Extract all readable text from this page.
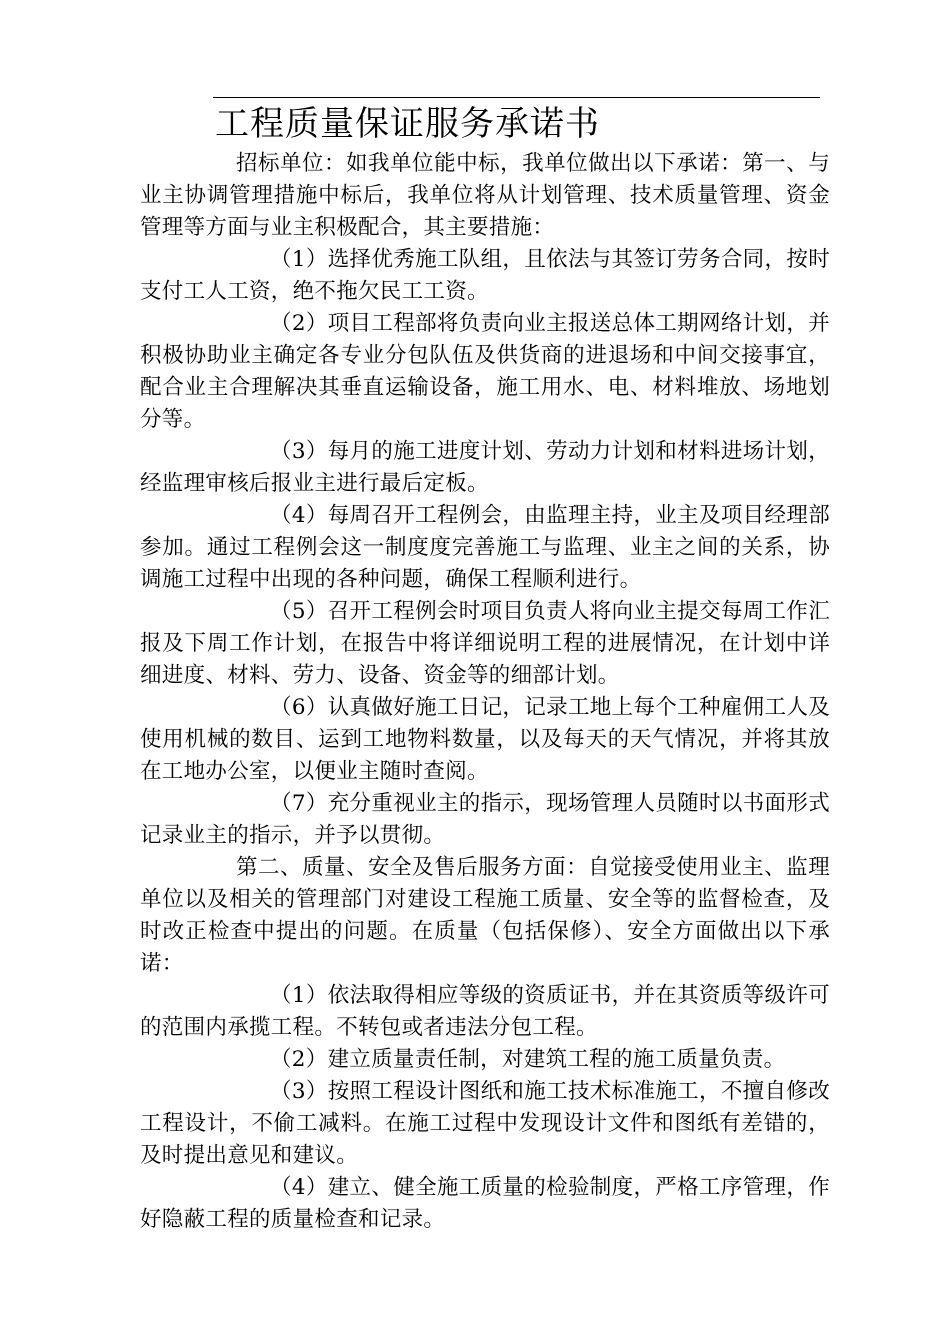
工程质量保证服务承诺书

招标单位：如我单位能中标，我单位做出以下承诺：第一、与业主协调管理措施中标后，我单位将从计划管理、技术质量管理、资金管理等方面与业主积极配合，其主要措施：

（1）选择优秀施工队组，且依法与其签订劳务合同，按时支付工人工资，绝不拖欠民工工资。

（2）项目工程部将负责向业主报送总体工期网络计划，并积极协助业主确定各专业分包队伍及供货商的进退场和中间交接事宜，配合业主合理解决其垂直运输设备，施工用水、电、材料堆放、场地划分等。

（3）每月的施工进度计划、劳动力计划和材料进场计划，经监理审核后报业主进行最后定板。

（4）每周召开工程例会，由监理主持，业主及项目经理部参加。通过工程例会这一制度度完善施工与监理、业主之间的关系，协调施工过程中出现的各种问题，确保工程顺利进行。

（5）召开工程例会时项目负责人将向业主提交每周工作汇报及下周工作计划，在报告中将详细说明工程的进展情况，在计划中详细进度、材料、劳力、设备、资金等的细部计划。

（6）认真做好施工日记，记录工地上每个工种雇佣工人及使用机械的数目、运到工地物料数量，以及每天的天气情况，并将其放在工地办公室，以便业主随时查阅。

（7）充分重视业主的指示，现场管理人员随时以书面形式记录业主的指示，并予以贯彻。

第二、质量、安全及售后服务方面：自觉接受使用业主、监理单位以及相关的管理部门对建设工程施工质量、安全等的监督检查，及时改正检查中提出的问题。在质量（包括保修）、安全方面做出以下承诺：

（1）依法取得相应等级的资质证书，并在其资质等级许可的范围内承揽工程。不转包或者违法分包工程。

（2）建立质量责任制，对建筑工程的施工质量负责。

（3）按照工程设计图纸和施工技术标准施工，不擅自修改工程设计，不偷工减料。在施工过程中发现设计文件和图纸有差错的，及时提出意见和建议。

（4）建立、健全施工质量的检验制度，严格工序管理，作好隐蔽工程的质量检查和记录。
